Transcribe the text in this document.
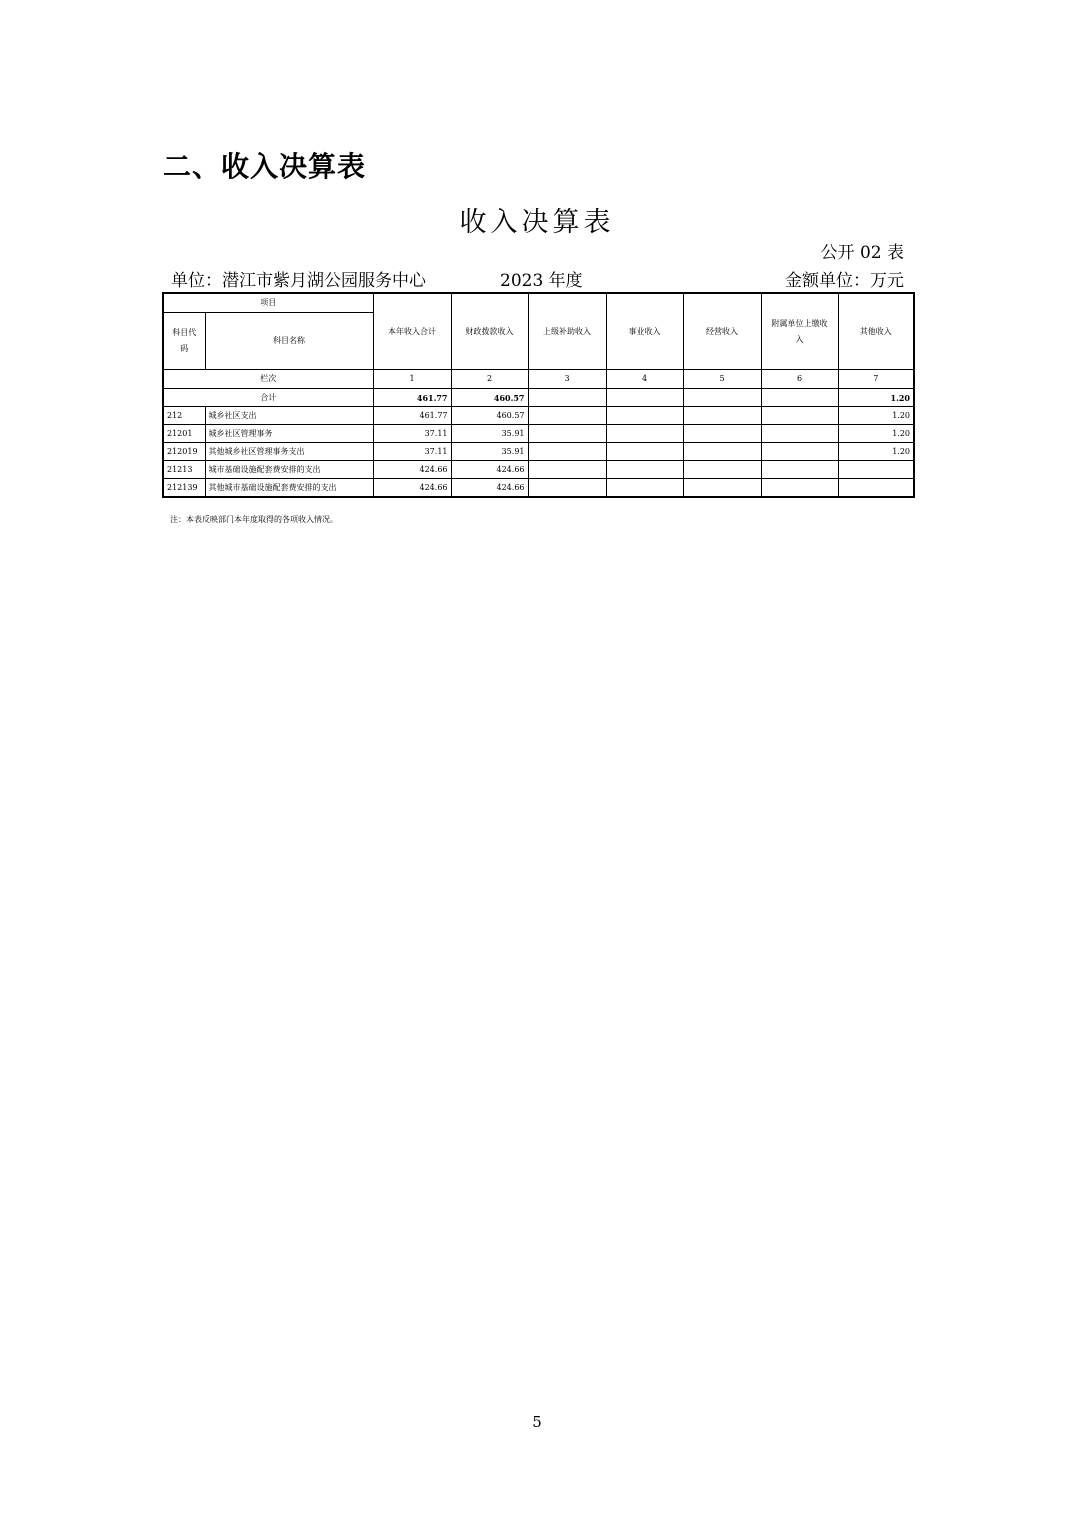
二、收入决算表
收入决算表
公开 02 表
单位：潜江市紫月湖公园服务中心	2023 年度	金额单位：万元
项目		本年收入合计	财政拨款收入	上级补助收入	事业收入	经营收入	附属单位上缴收入	其他收入
科目代码	科目名称							
栏次		1	2	3	4	5	6	7
合计		461.77	460.57					1.20
212	城乡社区支出	461.77	460.57					1.20
21201	城乡社区管理事务	37.11	35.91					1.20
212019	其他城乡社区管理事务支出	37.11	35.91					1.20
21213	城市基础设施配套费安排的支出	424.66	424.66					
212139	其他城市基础设施配套费安排的支出	424.66	424.66					
注：本表反映部门本年度取得的各项收入情况。
5
